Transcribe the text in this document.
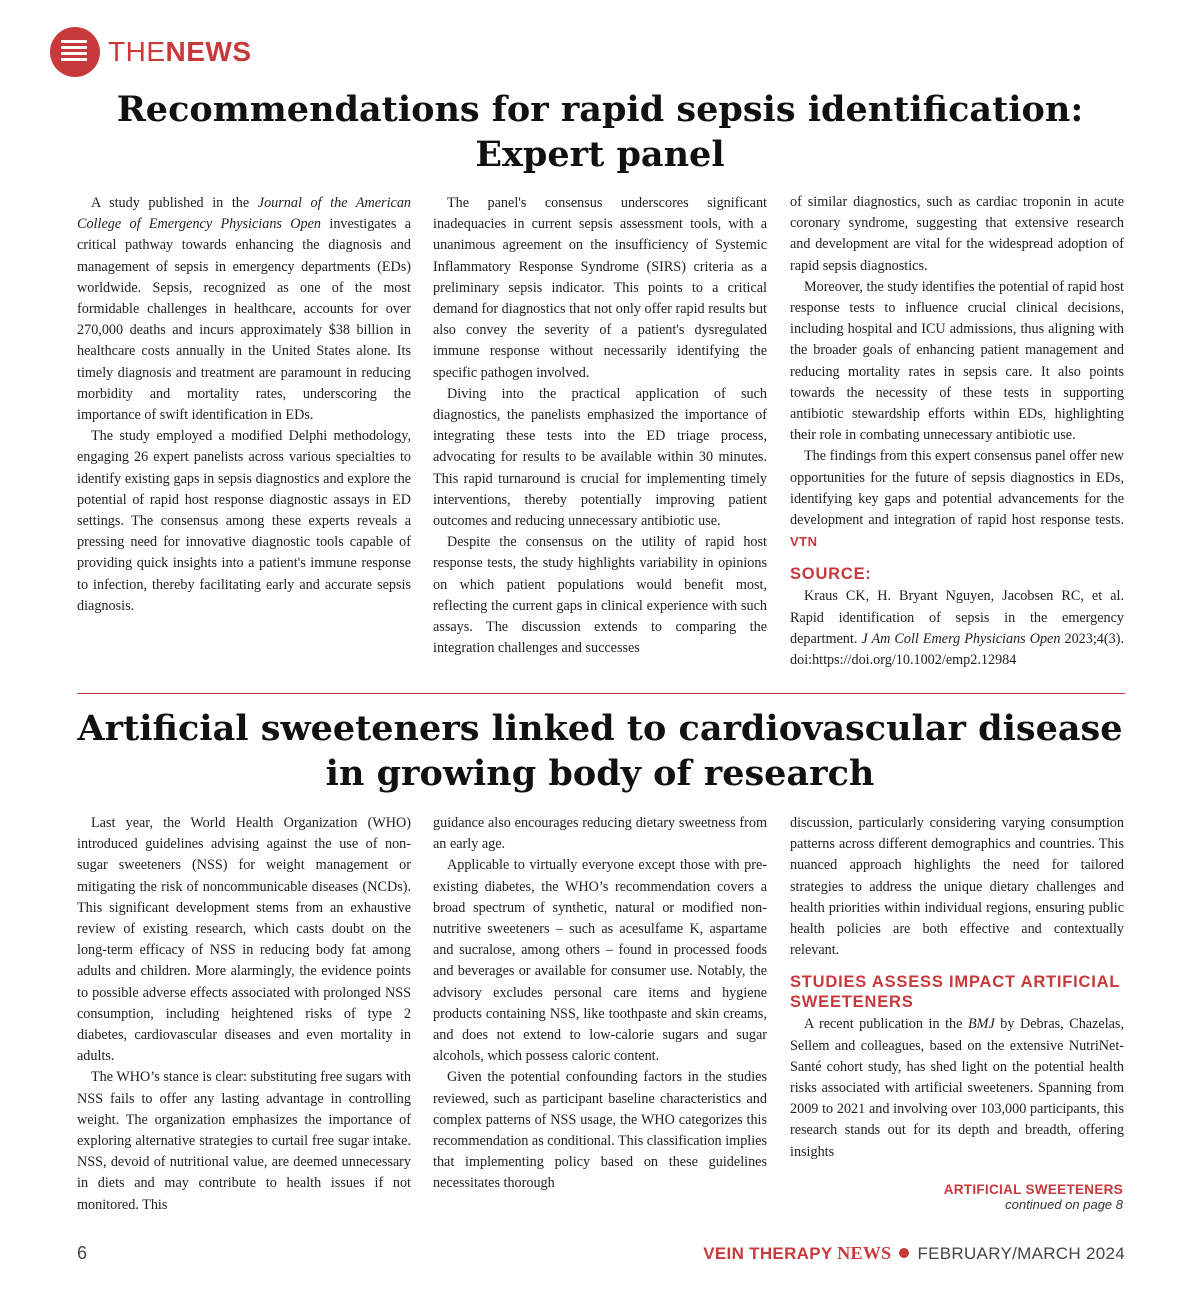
THENEWS
Recommendations for rapid sepsis identification:
Expert panel

A study published in the Journal of the American College of Emergency Physicians Open investigates a critical pathway towards enhancing the diagnosis and management of sepsis in emergency departments (EDs) worldwide. Sepsis, recognized as one of the most formidable challenges in healthcare, accounts for over 270,000 deaths and incurs approximately $38 billion in healthcare costs annually in the United States alone. Its timely diagnosis and treatment are paramount in reducing morbidity and mortality rates, underscoring the importance of swift identification in EDs.

The study employed a modified Delphi methodology, engaging 26 expert panelists across various specialties to identify existing gaps in sepsis diagnostics and explore the potential of rapid host response diagnostic assays in ED settings. The consensus among these experts reveals a pressing need for innovative diagnostic tools capable of providing quick insights into a patient's immune response to infection, thereby facilitating early and accurate sepsis diagnosis.

The panel's consensus underscores significant inadequacies in current sepsis assessment tools, with a unanimous agreement on the insufficiency of Systemic Inflammatory Response Syndrome (SIRS) criteria as a preliminary sepsis indicator. This points to a critical demand for diagnostics that not only offer rapid results but also convey the severity of a patient's dysregulated immune response without necessarily identifying the specific pathogen involved.

Diving into the practical application of such diagnostics, the panelists emphasized the importance of integrating these tests into the ED triage process, advocating for results to be available within 30 minutes. This rapid turnaround is crucial for implementing timely interventions, thereby potentially improving patient outcomes and reducing unnecessary antibiotic use.

Despite the consensus on the utility of rapid host response tests, the study highlights variability in opinions on which patient populations would benefit most, reflecting the current gaps in clinical experience with such assays. The discussion extends to comparing the integration challenges and successes

of similar diagnostics, such as cardiac troponin in acute coronary syndrome, suggesting that extensive research and development are vital for the widespread adoption of rapid sepsis diagnostics.

Moreover, the study identifies the potential of rapid host response tests to influence crucial clinical decisions, including hospital and ICU admissions, thus aligning with the broader goals of enhancing patient management and reducing mortality rates in sepsis care. It also points towards the necessity of these tests in supporting antibiotic stewardship efforts within EDs, highlighting their role in combating unnecessary antibiotic use.

The findings from this expert consensus panel offer new opportunities for the future of sepsis diagnostics in EDs, identifying key gaps and potential advancements for the development and integration of rapid host response tests. VTN

SOURCE:

Kraus CK, H. Bryant Nguyen, Jacobsen RC, et al. Rapid identification of sepsis in the emergency department. J Am Coll Emerg Physicians Open 2023;4(3). doi:https://doi.org/10.1002/emp2.12984

Artificial sweeteners linked to cardiovascular disease
in growing body of research

Last year, the World Health Organization (WHO) introduced guidelines advising against the use of non-sugar sweeteners (NSS) for weight management or mitigating the risk of noncommunicable diseases (NCDs). This significant development stems from an exhaustive review of existing research, which casts doubt on the long-term efficacy of NSS in reducing body fat among adults and children. More alarmingly, the evidence points to possible adverse effects associated with prolonged NSS consumption, including heightened risks of type 2 diabetes, cardiovascular diseases and even mortality in adults.

The WHO’s stance is clear: substituting free sugars with NSS fails to offer any lasting advantage in controlling weight. The organization emphasizes the importance of exploring alternative strategies to curtail free sugar intake. NSS, devoid of nutritional value, are deemed unnecessary in diets and may contribute to health issues if not monitored. This

guidance also encourages reducing dietary sweetness from an early age.

Applicable to virtually everyone except those with pre-existing diabetes, the WHO’s recommendation covers a broad spectrum of synthetic, natural or modified non-nutritive sweeteners – such as acesulfame K, aspartame and sucralose, among others – found in processed foods and beverages or available for consumer use. Notably, the advisory excludes personal care items and hygiene products containing NSS, like toothpaste and skin creams, and does not extend to low-calorie sugars and sugar alcohols, which possess caloric content.

Given the potential confounding factors in the studies reviewed, such as participant baseline characteristics and complex patterns of NSS usage, the WHO categorizes this recommendation as conditional. This classification implies that implementing policy based on these guidelines necessitates thorough

discussion, particularly considering varying consumption patterns across different demographics and countries. This nuanced approach highlights the need for tailored strategies to address the unique dietary challenges and health priorities within individual regions, ensuring public health policies are both effective and contextually relevant.

STUDIES ASSESS IMPACT ARTIFICIAL SWEETENERS

A recent publication in the BMJ by Debras, Chazelas, Sellem and colleagues, based on the extensive NutriNet-Santé cohort study, has shed light on the potential health risks associated with artificial sweeteners. Spanning from 2009 to 2021 and involving over 103,000 participants, this research stands out for its depth and breadth, offering insights

ARTIFICIAL SWEETENERS
continued on page 8
6	VEIN THERAPY NEWS FEBRUARY/MARCH 2024
